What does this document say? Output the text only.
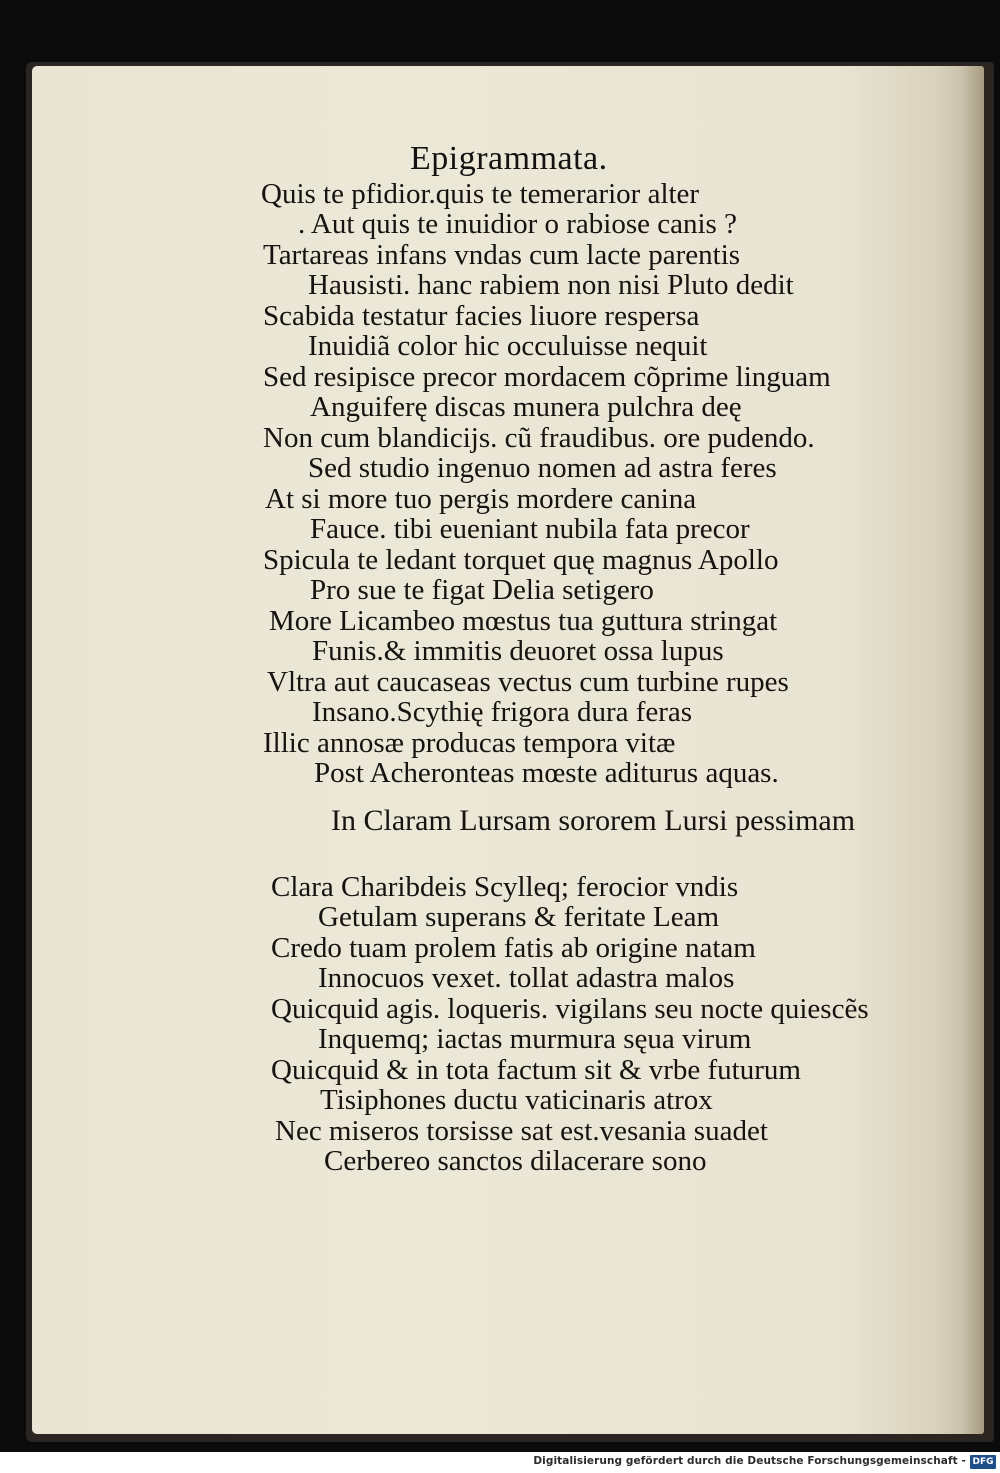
Epigrammata.

Quis te pfidior.quis te temerarior alter

. Aut quis te inuidior o rabiose canis ?

Tartareas infans vndas cum lacte parentis

Hausisti. hanc rabiem non nisi Pluto dedit

Scabida testatur facies liuore respersa

Inuidiã color hic occuluisse nequit

Sed resipisce precor mordacem cõprime linguam

Anguiferę discas munera pulchra deę

Non cum blandicijs. cũ fraudibus. ore pudendo.

Sed studio ingenuo nomen ad astra feres

At si more tuo pergis mordere canina

Fauce. tibi eueniant nubila fata precor

Spicula te ledant torquet quę magnus Apollo

Pro sue te figat Delia setigero

More Licambeo mœstus tua guttura stringat

Funis.& immitis deuoret ossa lupus

Vltra aut caucaseas vectus cum turbine rupes

Insano.Scythię frigora dura feras

Illic annosæ producas tempora vitæ

Post Acheronteas mœste aditurus aquas.

In Claram Lursam sororem Lursi pessimam

Clara Charibdeis Scylleq; ferocior vndis

Getulam superans & feritate Leam

Credo tuam prolem fatis ab origine natam

Innocuos vexet. tollat adastra malos

Quicquid agis. loqueris. vigilans seu nocte quiescẽs

Inquemq; iactas murmura sęua virum

Quicquid & in tota factum sit & vrbe futurum

Tisiphones ductu vaticinaris atrox

Nec miseros torsisse sat est.vesania suadet

Cerbereo sanctos dilacerare sono

Digitalisierung gefördert durch die Deutsche Forschungsgemeinschaft - DFG
